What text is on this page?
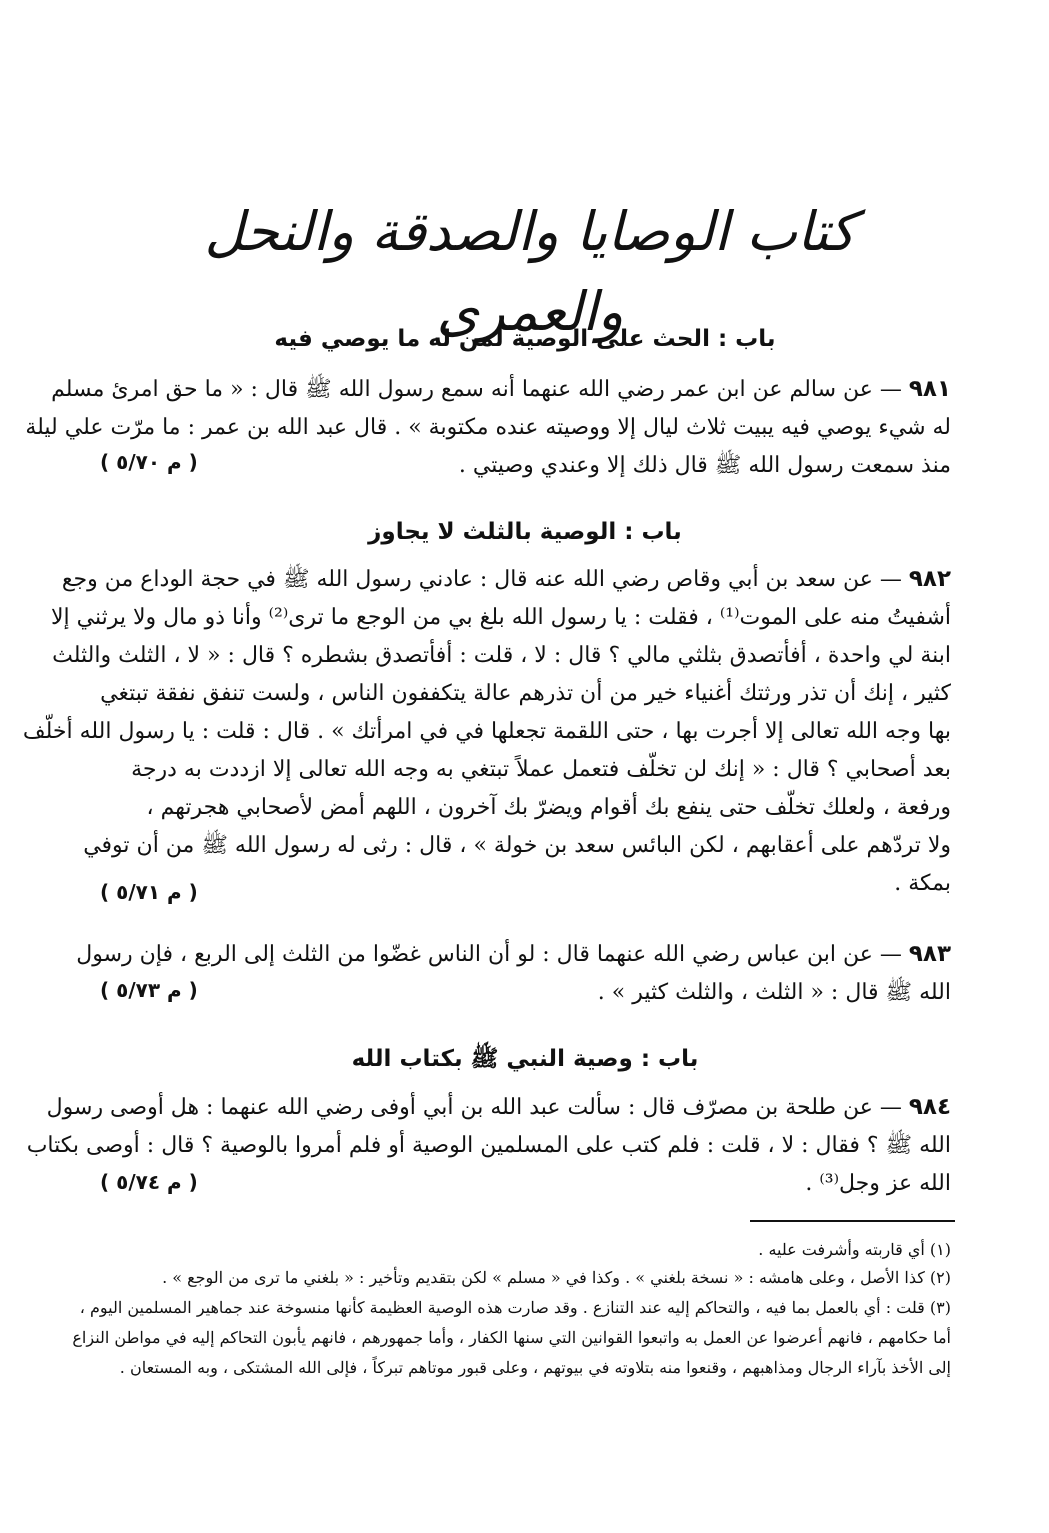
كتاب الوصايا والصدقة والنحل والعمرى
باب : الحث على الوصية لمن له ما يوصي فيه
٩٨١ — عن سالم عن ابن عمر رضي الله عنهما أنه سمع رسول الله ﷺ قال : « ما حق امرئ مسلم
له شيء يوصي فيه يبيت ثلاث ليال إلا ووصيته عنده مكتوبة » . قال عبد الله بن عمر : ما مرّت علي ليلة
منذ سمعت رسول الله ﷺ قال ذلك إلا وعندي وصيتي .
( م ٥/٧٠ )
باب : الوصية بالثلث لا يجاوز
٩٨٢ — عن سعد بن أبي وقاص رضي الله عنه قال : عادني رسول الله ﷺ في حجة الوداع من وجع
أشفيتُ منه على الموت⁽¹⁾ ، فقلت : يا رسول الله بلغ بي من الوجع ما ترى⁽²⁾ وأنا ذو مال ولا يرثني إلا
ابنة لي واحدة ، أفأتصدق بثلثي مالي ؟ قال : لا ، قلت : أفأتصدق بشطره ؟ قال : « لا ، الثلث والثلث
كثير ، إنك أن تذر ورثتك أغنياء خير من أن تذرهم عالة يتكففون الناس ، ولست تنفق نفقة تبتغي
بها وجه الله تعالى إلا أجرت بها ، حتى اللقمة تجعلها في في امرأتك » . قال : قلت : يا رسول الله أخلّف
بعد أصحابي ؟ قال : « إنك لن تخلّف فتعمل عملاً تبتغي به وجه الله تعالى إلا ازددت به درجة
ورفعة ، ولعلك تخلّف حتى ينفع بك أقوام ويضرّ بك آخرون ، اللهم أمض لأصحابي هجرتهم ،
ولا تردّهم على أعقابهم ، لكن البائس سعد بن خولة » ، قال : رثى له رسول الله ﷺ من أن توفي
بمكة .
( م ٥/٧١ )
٩٨٣ — عن ابن عباس رضي الله عنهما قال : لو أن الناس غضّوا من الثلث إلى الربع ، فإن رسول
الله ﷺ قال : « الثلث ، والثلث كثير » .
( م ٥/٧٣ )
باب : وصية النبي ﷺ بكتاب الله
٩٨٤ — عن طلحة بن مصرّف قال : سألت عبد الله بن أبي أوفى رضي الله عنهما : هل أوصى رسول
الله ﷺ ؟ فقال : لا ، قلت : فلم كتب على المسلمين الوصية أو فلم أمروا بالوصية ؟ قال : أوصى بكتاب
الله عز وجل⁽³⁾ .
( م ٥/٧٤ )
(١) أي قاربته وأشرفت عليه .
(٢) كذا الأصل ، وعلى هامشه : « نسخة بلغني » . وكذا في « مسلم » لكن بتقديم وتأخير : « بلغني ما ترى من الوجع » .
(٣) قلت : أي بالعمل بما فيه ، والتحاكم إليه عند التنازع . وقد صارت هذه الوصية العظيمة كأنها منسوخة عند جماهير المسلمين اليوم ،
أما حكامهم ، فانهم أعرضوا عن العمل به واتبعوا القوانين التي سنها الكفار ، وأما جمهورهم ، فانهم يأبون التحاكم إليه في مواطن النزاع
إلى الأخذ بآراء الرجال ومذاهبهم ، وقنعوا منه بتلاوته في بيوتهم ، وعلى قبور موتاهم تبركاً ، فإلى الله المشتكى ، وبه المستعان .
